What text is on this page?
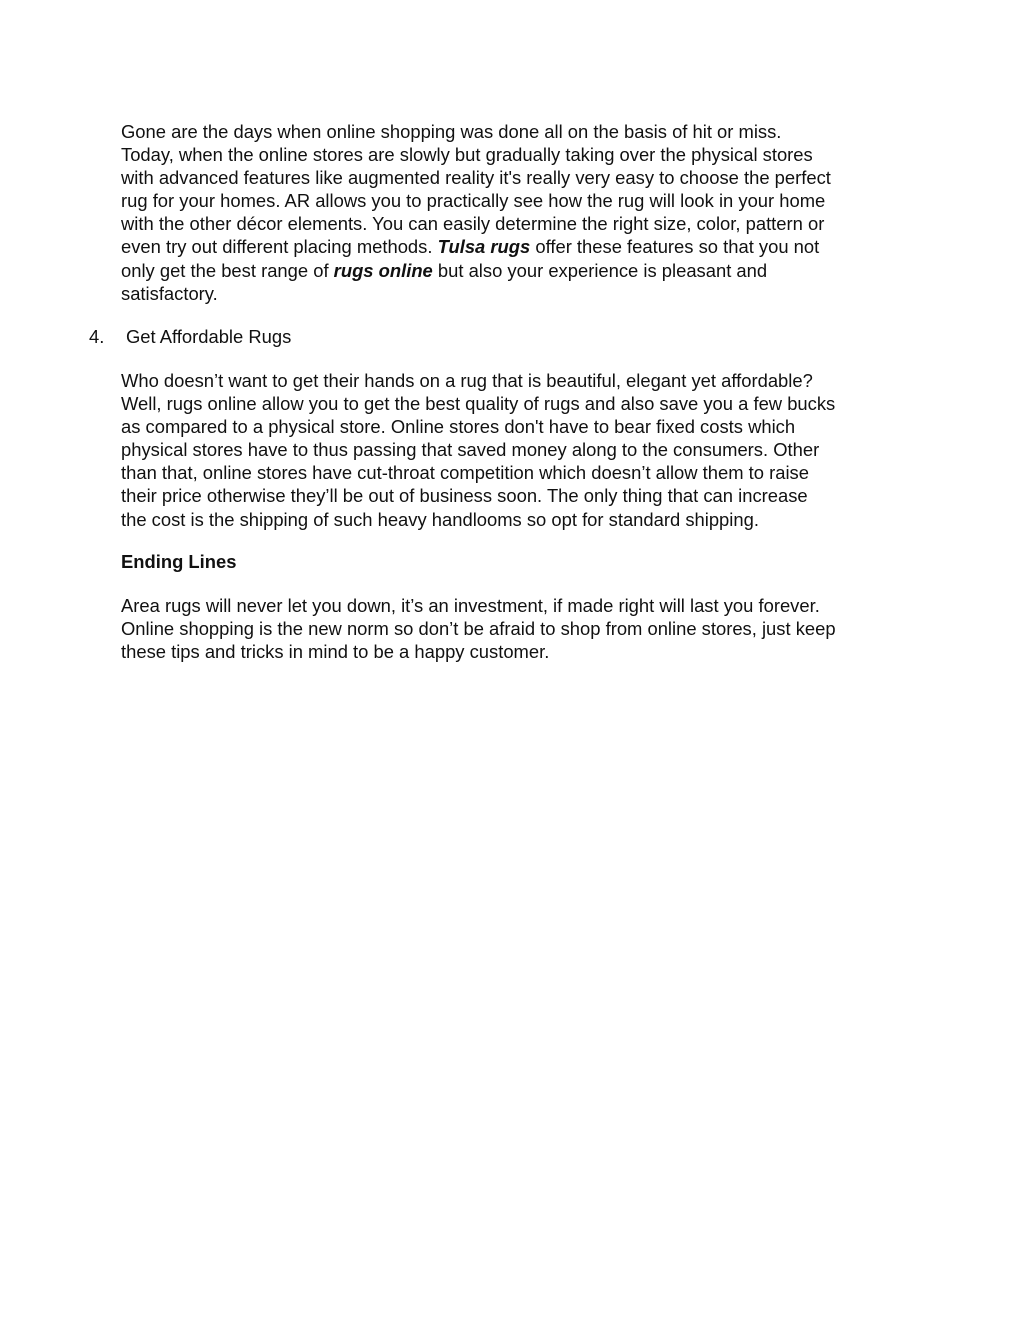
Gone are the days when online shopping was done all on the basis of hit or miss.
Today, when the online stores are slowly but gradually taking over the physical stores
with advanced features like augmented reality it's really very easy to choose the perfect
rug for your homes. AR allows you to practically see how the rug will look in your home
with the other décor elements. You can easily determine the right size, color, pattern or
even try out different placing methods. Tulsa rugs offer these features so that you not
only get the best range of rugs online but also your experience is pleasant and
satisfactory.

4. Get Affordable Rugs

Who doesn’t want to get their hands on a rug that is beautiful, elegant yet affordable?
Well, rugs online allow you to get the best quality of rugs and also save you a few bucks
as compared to a physical store. Online stores don't have to bear fixed costs which
physical stores have to thus passing that saved money along to the consumers. Other
than that, online stores have cut-throat competition which doesn’t allow them to raise
their price otherwise they’ll be out of business soon. The only thing that can increase
the cost is the shipping of such heavy handlooms so opt for standard shipping.

Ending Lines

Area rugs will never let you down, it’s an investment, if made right will last you forever.
Online shopping is the new norm so don’t be afraid to shop from online stores, just keep
these tips and tricks in mind to be a happy customer.
